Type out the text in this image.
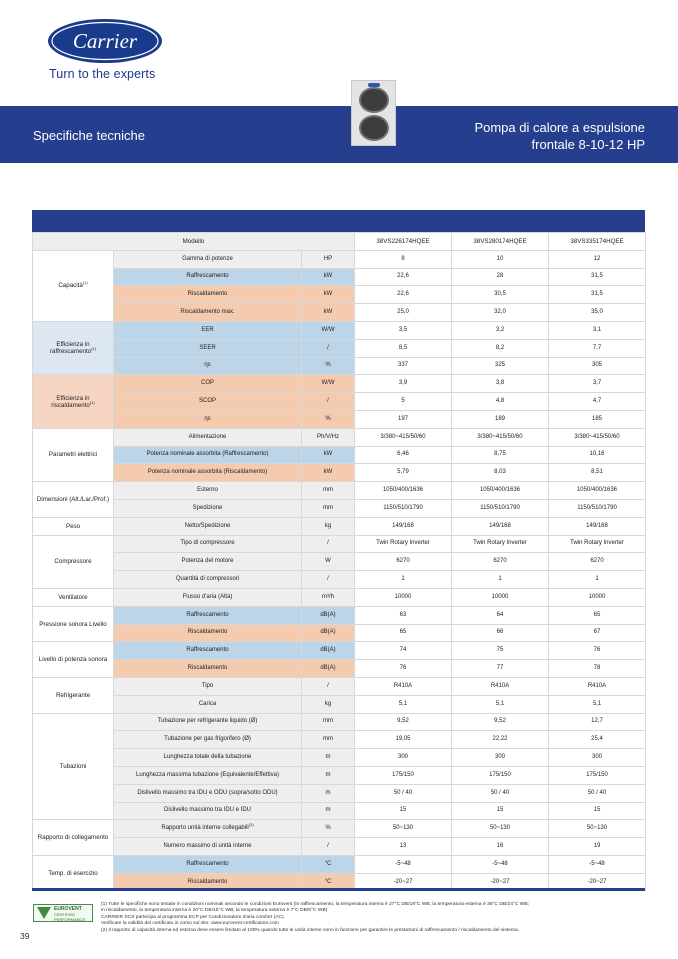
Carrier
Turn to the experts
Specifiche tecniche
Pompa di calore a espulsione
frontale 8-10-12 HP
Modello			38VS226174HQEE	38VS280174HQEE	38VS335174HQEE
Capacità$^{(1)}$	Gamma di potenze	HP	8	10	12
	Raffrescamento	kW	22,6	28	31,5
	Riscaldamento	kW	22,6	30,5	31,5
	Riscaldamento max.	kW	25,0	32,0	35,0
Efficienza in raffrescamento$^{(1)}$	EER	W/W	3,5	3,2	3,1
	SEER	/	8,5	8,2	7,7
	ηs	%	337	325	305
Efficienza in riscaldamento$^{(1)}$	COP	W/W	3,9	3,8	3,7
	SCOP	/	5	4,8	4,7
	ηs	%	197	189	185
Parametri elettrici	Alimentazione	Ph/V/Hz	3/380~415/50/60	3/380~415/50/60	3/380~415/50/60
	Potenza nominale assorbita (Raffrescamento)	kW	6,46	8,75	10,16
	Potenza nominale assorbita (Riscaldamento)	kW	5,79	8,03	8,51
Dimensioni (Alt./Lar./Prof.)	Esterno	mm	1050/400/1636	1050/400/1636	1050/400/1636
	Spedizione	mm	1150/510/1790	1150/510/1790	1150/510/1790
Peso	Netto/Spedizione	kg	149/168	149/168	149/168
Compressore	Tipo di compressore	/	Twin Rotary Inverter	Twin Rotary Inverter	Twin Rotary Inverter
	Potenza del motore	W	6270	6270	6270
	Quantità di compressori	/	1	1	1
Ventilatore	Flusso d'aria (Alta)	m³/h	10000	10000	10000
Pressione sonora Livello	Raffrescamento	dB(A)	63	64	65
	Riscaldamento	dB(A)	65	66	67
Livello di potenza sonora	Raffrescamento	dB(A)	74	75	76
	Riscaldamento	dB(A)	76	77	78
Refrigerante	Tipo	/	R410A	R410A	R410A
	Carica	kg	5,1	5,1	5,1
Tubazioni	Tubazione per refrigerante liquido (Ø)	mm	9,52	9,52	12,7
	Tubazione per gas frigorifero (Ø)	mm	19,05	22,22	25,4
	Lunghezza totale della tubazione	m	300	300	300
	Lunghezza massima tubazione (Equivalente/Effettiva)	m	175/150	175/150	175/150
	Dislivello massimo tra IDU e ODU (sopra/sotto ODU)	m	50 / 40	50 / 40	50 / 40
	Dislivello massimo tra IDU e IDU	m	15	15	15
Rapporto di collegamento	Rapporto unità interne collegabili$^{(2)}$	%	50~130	50~130	50~130
	Numero massimo di unità interne	/	13	16	19
Temp. di esercizio	Raffrescamento	°C	-5~48	-5~48	-5~48
	Riscaldamento	°C	-20~27	-20~27	-20~27
EUROVENT
CERTIFIED PERFORMANCE

(1) Tutte le specifiche sono testate in condizioni nominali secondo le condizioni Eurovent (in raffrescamento, la temperatura interna è 27°C DB/19°C WB; la temperatura esterna è 35°C DB/24°C WB;

in riscaldamento, la temperatura interna è 20°C DB/15°C WB, la temperatura esterna è 7°C DB/6°C WB)

CARRIER SCS partecipa al programma ECP per Condizionatore d'aria comfort (AC).

Verificare la validità del certificato in corso sul sito: www.eurovent-certification.com

(2) Il rapporto di capacità interna ed esterna deve essere limitato al 100% quando tutte le unità interne sono in funzione per garantire le prestazioni di raffrescamento / riscaldamento del sistema.

39
